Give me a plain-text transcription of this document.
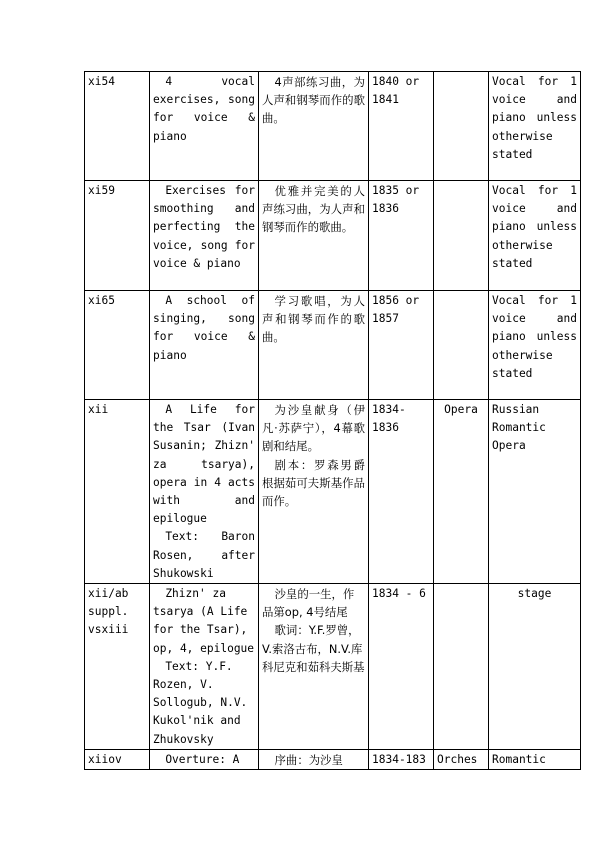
xi54	4 vocal exercises, song for voice & piano	4声部练习曲，为人声和钢琴而作的歌曲。	1840 or 1841		Vocal for 1 voice and piano unless otherwise stated

xi59	Exercises for smoothing and perfecting the voice, song for voice & piano	优雅并完美的人声练习曲，为人声和钢琴而作的歌曲。	1835 or 1836		Vocal for 1 voice and piano unless otherwise stated

xi65	A school of singing, song for voice & piano	学习歌唱，为人声和钢琴而作的歌曲。	1856 or 1857		Vocal for 1 voice and piano unless otherwise stated

xii	A Life for the Tsar (Ivan Susanin; Zhizn' za tsarya), opera in 4 acts with and epilogue
Text: Baron Rosen, after Shukowski	为沙皇献身（伊凡·苏萨宁），4幕歌剧和结尾。
剧本：罗森男爵根据茹可夫斯基作品而作。	1834-1836	Opera	Russian Romantic Opera

xii/ab suppl. vsxiii	Zhizn' za tsarya (A Life for the Tsar), op, 4, epilogue
Text: Y.F. Rozen, V. Sollogub, N.V. Kukol'nik and Zhukovsky	沙皇的一生，作品第op, 4号结尾
歌词：Y.F.罗曾，V.索洛古布，N.V.库科尼克和茹科夫斯基	1834 - 6		stage

xiiov	Overture: A	序曲：为沙皇	1834-183	Orches	Romantic
